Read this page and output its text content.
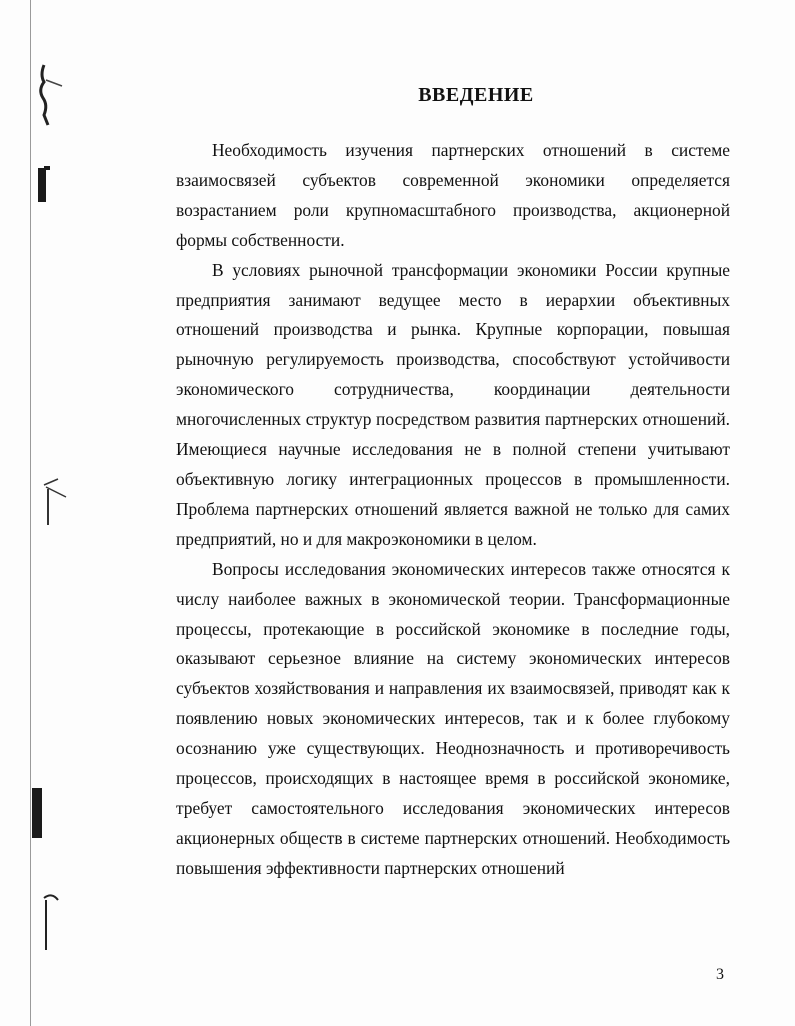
ВВЕДЕНИЕ

Необходимость изучения партнерских отношений в системе взаимосвязей субъектов современной экономики определяется возрастанием роли крупномасштабного производства, акционерной формы собственности.

В условиях рыночной трансформации экономики России крупные предприятия занимают ведущее место в иерархии объективных отношений производства и рынка. Крупные корпорации, повышая рыночную регулируемость производства, способствуют устойчивости экономического сотрудничества, координации деятельности многочисленных структур посредством развития партнерских отношений. Имеющиеся научные исследования не в полной степени учитывают объективную логику интеграционных процессов в промышленности. Проблема партнерских отношений является важной не только для самих предприятий, но и для макроэкономики в целом.

Вопросы исследования экономических интересов также относятся к числу наиболее важных в экономической теории. Трансформационные процессы, протекающие в российской экономике в последние годы, оказывают серьезное влияние на систему экономических интересов субъектов хозяйствования и направления их взаимосвязей, приводят как к появлению новых экономических интересов, так и к более глубокому осознанию уже существующих. Неоднозначность и противоречивость процессов, происходящих в настоящее время в российской экономике, требует самостоятельного исследования экономических интересов акционерных обществ в системе партнерских отношений. Необходимость повышения эффективности партнерских отношений

3
